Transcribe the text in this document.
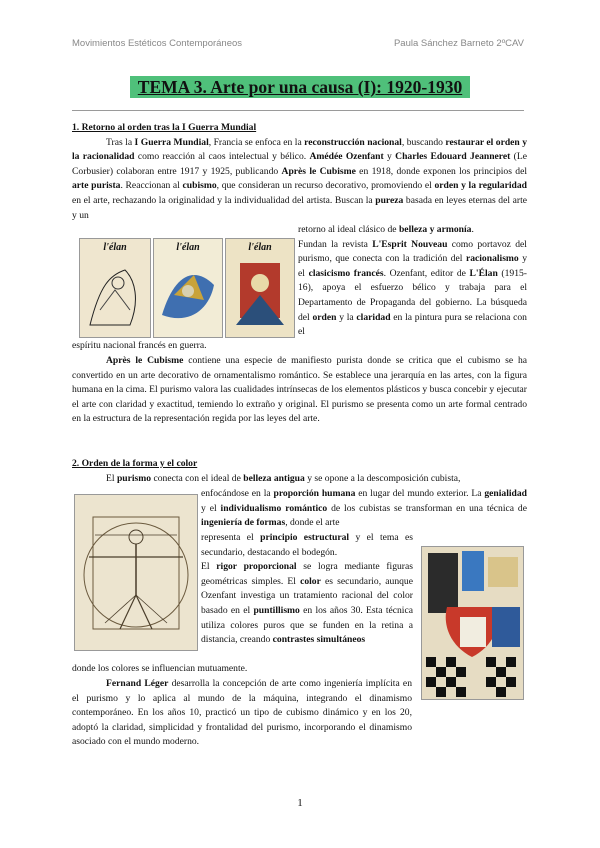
Movimientos Estéticos Contemporáneos	Paula Sánchez Barneto 2ºCAV
TEMA 3. Arte por una causa (I): 1920-1930
1. Retorno al orden tras la I Guerra Mundial
Tras la I Guerra Mundial, Francia se enfoca en la reconstrucción nacional, buscando restaurar el orden y la racionalidad como reacción al caos intelectual y bélico. Amédée Ozenfant y Charles Edouard Jeanneret (Le Corbusier) colaboran entre 1917 y 1925, publicando Après le Cubisme en 1918, donde exponen los principios del arte purista. Reaccionan al cubismo, que consideran un recurso decorativo, promoviendo el orden y la regularidad en el arte, rechazando la originalidad y la individualidad del artista. Buscan la pureza basada en leyes eternas del arte y un
retorno al ideal clásico de belleza y armonía.
Fundan la revista L'Esprit Nouveau como portavoz del purismo, que conecta con la tradición del racionalismo y el clasicismo francés. Ozenfant, editor de L'Élan (1915-16), apoya el esfuerzo bélico y trabaja para el Departamento de Propaganda del gobierno. La búsqueda del orden y la claridad en la pintura pura se relaciona con el
l'élan	l'élan	l'élan
espíritu nacional francés en guerra.
Après le Cubisme contiene una especie de manifiesto purista donde se critica que el cubismo se ha convertido en un arte decorativo de ornamentalismo romántico. Se establece una jerarquía en las artes, con la figura humana en la cima. El purismo valora las cualidades intrínsecas de los elementos plásticos y busca concebir y ejecutar el arte con claridad y exactitud, temiendo lo extraño y original. El purismo se presenta como un arte formal centrado en la estructura de la representación regida por las leyes del arte.
2. Orden de la forma y el color
El purismo conecta con el ideal de belleza antigua y se opone a la descomposición cubista,
enfocándose en la proporción humana en lugar del mundo exterior. La genialidad y el individualismo romántico de los cubistas se transforman en una técnica de ingeniería de formas, donde el arte
representa el principio estructural y el tema es secundario, destacando el bodegón.
El rigor proporcional se logra mediante figuras geométricas simples. El color es secundario, aunque Ozenfant investiga un tratamiento racional del color basado en el puntillismo en los años 30. Esta técnica utiliza colores puros que se funden en la retina a distancia, creando contrastes simultáneos
donde los colores se influencian mutuamente.
Fernand Léger desarrolla la concepción de arte como ingeniería implícita en el purismo y lo aplica al mundo de la máquina, integrando el dinamismo contemporáneo. En los años 10, practicó un tipo de cubismo dinámico y en los 20, adoptó la claridad, simplicidad y frontalidad del purismo, incorporando el dinamismo asociado con el mundo moderno.
1
